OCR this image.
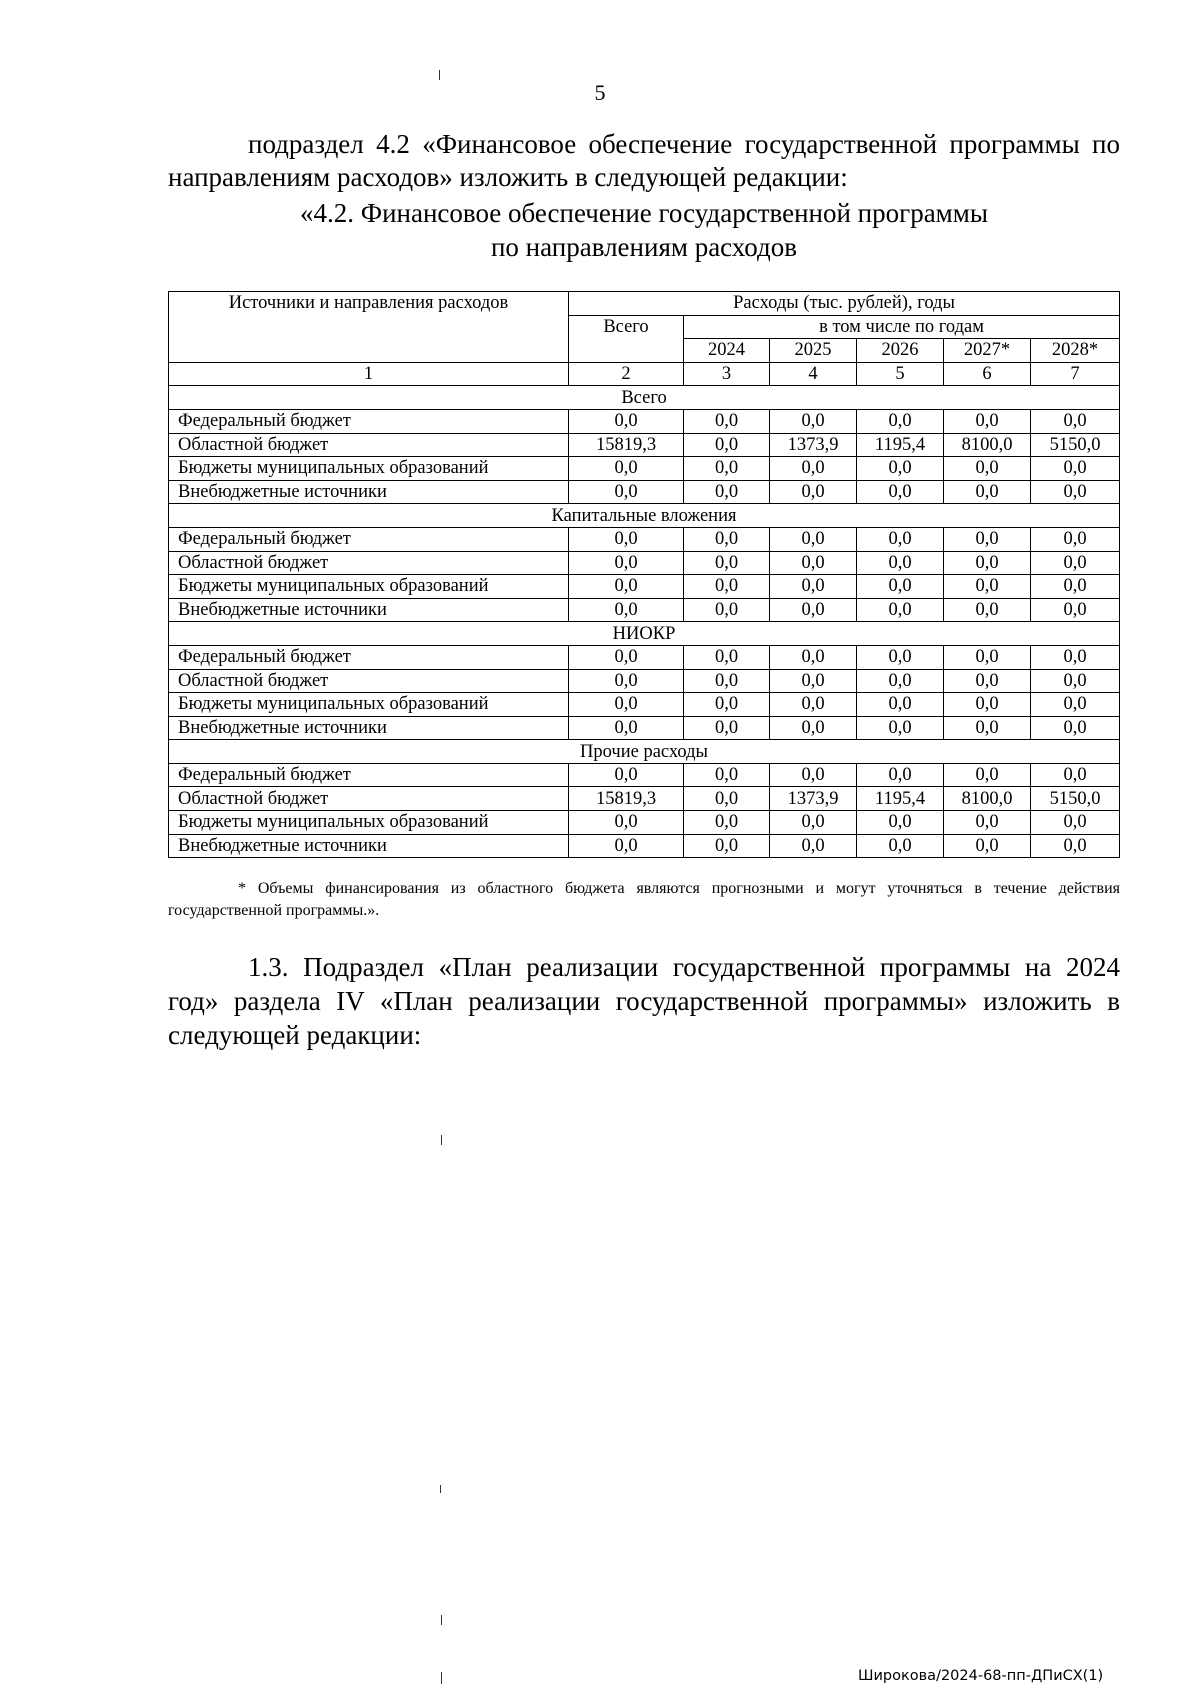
5
подраздел 4.2 «Финансовое обеспечение государственной программы по направлениям расходов» изложить в следующей редакции:
«4.2. Финансовое обеспечение государственной программы
по направлениям расходов
Источники и направления расходов	Расходы (тыс. рублей), годы					
	Всего	в том числе по годам				
		2024	2025	2026	2027*	2028*
1	2	3	4	5	6	7
Всего						
Федеральный бюджет	0,0	0,0	0,0	0,0	0,0	0,0
Областной бюджет	15819,3	0,0	1373,9	1195,4	8100,0	5150,0
Бюджеты муниципальных образований	0,0	0,0	0,0	0,0	0,0	0,0
Внебюджетные источники	0,0	0,0	0,0	0,0	0,0	0,0
Капитальные вложения						
Федеральный бюджет	0,0	0,0	0,0	0,0	0,0	0,0
Областной бюджет	0,0	0,0	0,0	0,0	0,0	0,0
Бюджеты муниципальных образований	0,0	0,0	0,0	0,0	0,0	0,0
Внебюджетные источники	0,0	0,0	0,0	0,0	0,0	0,0
НИОКР						
Федеральный бюджет	0,0	0,0	0,0	0,0	0,0	0,0
Областной бюджет	0,0	0,0	0,0	0,0	0,0	0,0
Бюджеты муниципальных образований	0,0	0,0	0,0	0,0	0,0	0,0
Внебюджетные источники	0,0	0,0	0,0	0,0	0,0	0,0
Прочие расходы						
Федеральный бюджет	0,0	0,0	0,0	0,0	0,0	0,0
Областной бюджет	15819,3	0,0	1373,9	1195,4	8100,0	5150,0
Бюджеты муниципальных образований	0,0	0,0	0,0	0,0	0,0	0,0
Внебюджетные источники	0,0	0,0	0,0	0,0	0,0	0,0
* Объемы финансирования из областного бюджета являются прогнозными и могут уточняться в течение действия государственной программы.».
1.3. Подраздел «План реализации государственной программы на 2024 год» раздела IV «План реализации государственной программы» изложить в следующей редакции:
Широкова/2024-68-пп-ДПиСХ(1)
